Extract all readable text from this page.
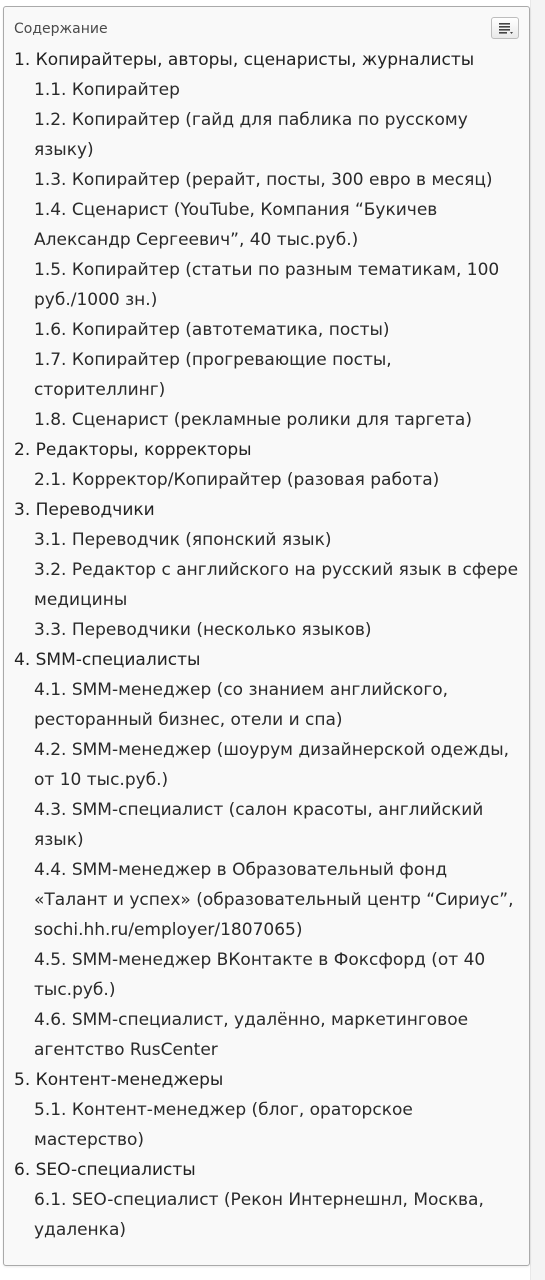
Содержание
1. Копирайтеры, авторы, сценаристы, журналисты
1.1. Копирайтер
1.2. Копирайтер (гайд для паблика по русскому языку)
1.3. Копирайтер (рерайт, посты, 300 евро в месяц)
1.4. Сценарист (YouTube, Компания “Букичев Александр Сергеевич”, 40 тыс.руб.)
1.5. Копирайтер (статьи по разным тематикам, 100 руб./1000 зн.)
1.6. Копирайтер (автотематика, посты)
1.7. Копирайтер (прогревающие посты, сторителлинг)
1.8. Сценарист (рекламные ролики для таргета)
2. Редакторы, корректоры
2.1. Корректор/Копирайтер (разовая работа)
3. Переводчики
3.1. Переводчик (японский язык)
3.2. Редактор с английского на русский язык в сфере медицины
3.3. Переводчики (несколько языков)
4. SMM-специалисты
4.1. SMM-менеджер (со знанием английского, ресторанный бизнес, отели и спа)
4.2. SMM-менеджер (шоурум дизайнерской одежды, от 10 тыс.руб.)
4.3. SMM-специалист (салон красоты, английский язык)
4.4. SMM-менеджер в Образовательный фонд «Талант и успех» (образовательный центр “Сириус”, sochi.hh.ru/employer/1807065)
4.5. SMM-менеджер ВКонтакте в Фоксфорд (от 40 тыс.руб.)
4.6. SMM-специалист, удалённо, маркетинговое агентство RusCenter
5. Контент-менеджеры
5.1. Контент-менеджер (блог, ораторское мастерство)
6. SEO-специалисты
6.1. SEO-специалист (Рекон Интернешнл, Москва, удаленка)
